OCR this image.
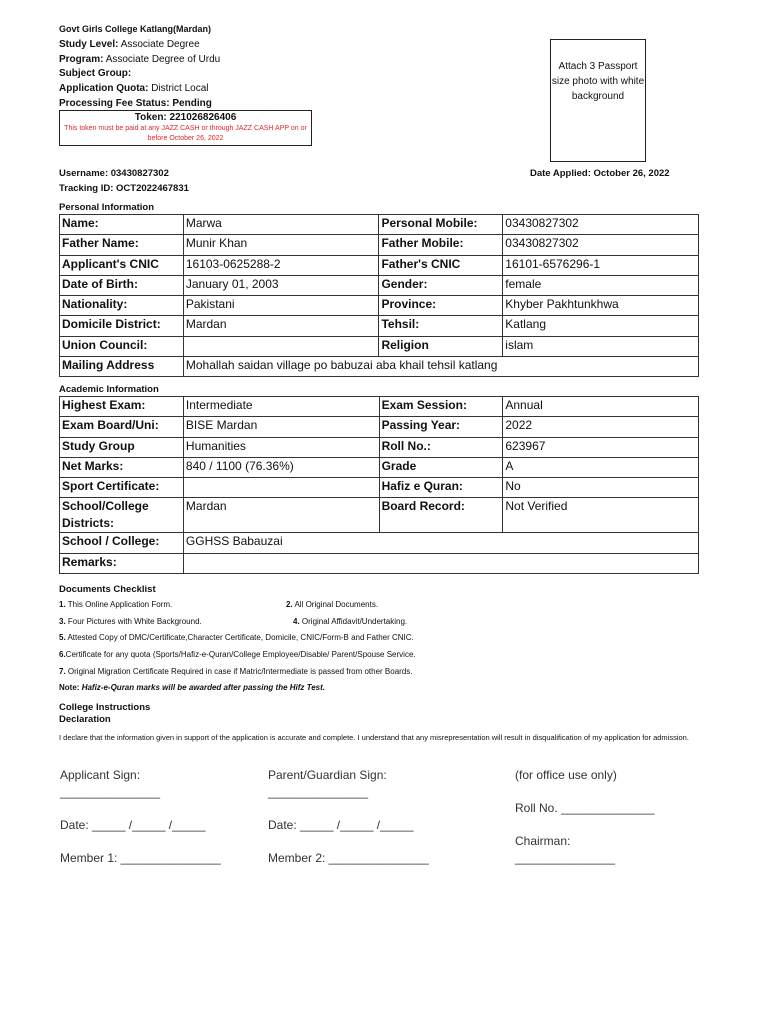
Govt Girls College Katlang(Mardan)
Study Level: Associate Degree
Program: Associate Degree of Urdu
Subject Group:
Application Quota: District Local
Processing Fee Status: Pending
Token: 221026826406
This token must be paid at any JAZZ CASH or through JAZZ CASH APP on or before October 26, 2022
Attach 3 Passport size photo with white background
Username: 03430827302
Tracking ID: OCT2022467831
Date Applied: October 26, 2022
Personal Information
Name:	Marwa	Personal Mobile:	03430827302
Father Name:	Munir Khan	Father Mobile:	03430827302
Applicant's CNIC	16103-0625288-2	Father's CNIC	16101-6576296-1
Date of Birth:	January 01, 2003	Gender:	female
Nationality:	Pakistani	Province:	Khyber Pakhtunkhwa
Domicile District:	Mardan	Tehsil:	Katlang
Union Council:		Religion	islam
Mailing Address	Mohallah saidan village po babuzai aba khail tehsil katlang		
Academic Information
Highest Exam:	Intermediate	Exam Session:	Annual
Exam Board/Uni:	BISE Mardan	Passing Year:	2022
Study Group	Humanities	Roll No.:	623967
Net Marks:	840 / 1100 (76.36%)	Grade	A
Sport Certificate:		Hafiz e Quran:	No
School/College Districts:	Mardan	Board Record:	Not Verified
School / College:	GGHSS Babauzai		
Remarks:			
Documents Checklist
1. This Online Application Form.	2. All Original Documents.
3. Four Pictures with White Background.	4. Original Affidavit/Undertaking.
5. Attested Copy of DMC/Certificate,Character Certificate, Domicile, CNIC/Form-B and Father CNIC.
6.Certificate for any quota (Sports/Hafiz-e-Quran/College Employee/Disable/ Parent/Spouse Service.
7. Original Migration Certificate Required in case if Matric/Intermediate is passed from other Boards.
Note: Hafiz-e-Quran marks will be awarded after passing the Hifz Test.
College Instructions
Declaration
I declare that the information given in support of the application is accurate and complete. I understand that any misrepresentation will result in disqualification of my application for admission.
Applicant Sign:
_______________
Parent/Guardian Sign:
_______________
(for office use only)
Roll No. ______________
Date: _____ /_____ /_____	Date: _____ /_____ /_____
Chairman:
_______________
Member 1: _______________	Member 2: _______________
